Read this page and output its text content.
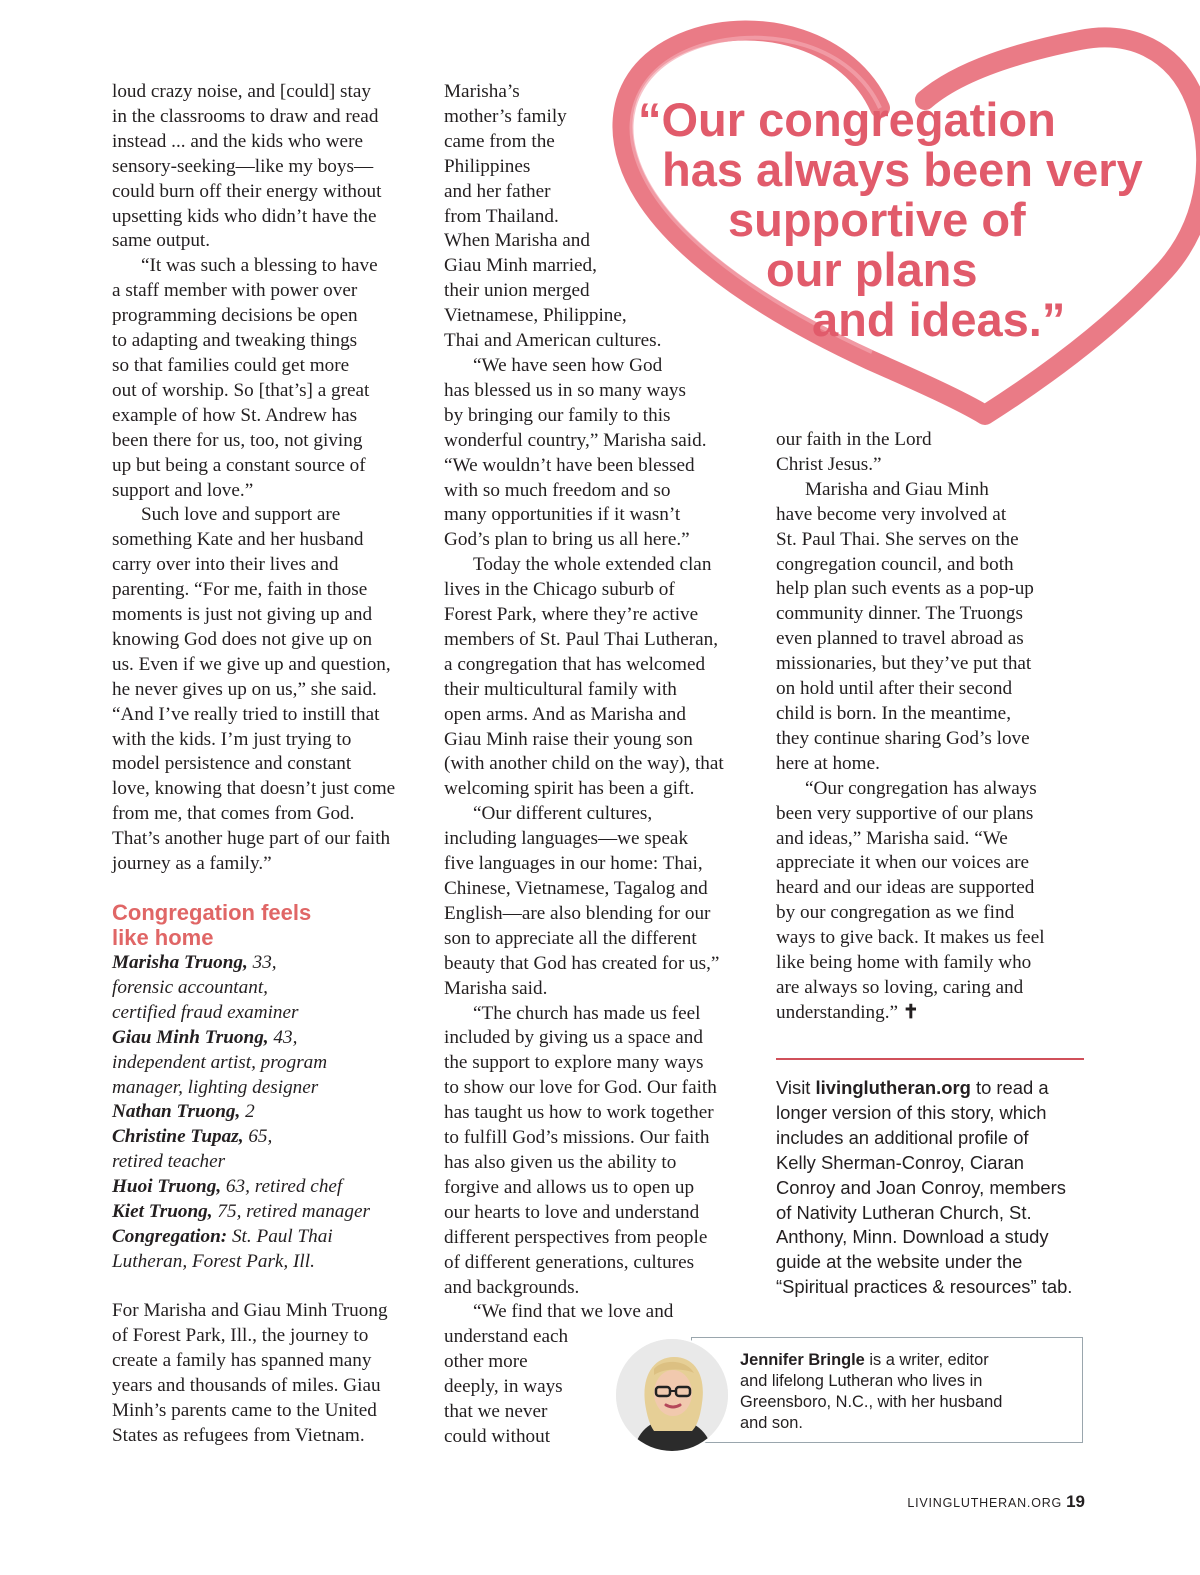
“Our congregation
has always been very
supportive of
our plans
and ideas.”

loud crazy noise, and [could] stay
in the classrooms to draw and read
instead ... and the kids who were
sensory-seeking—like my boys—
could burn off their energy without
upsetting kids who didn’t have the
same output.

“It was such a blessing to have
a staff member with power over
programming decisions be open
to adapting and tweaking things
so that families could get more
out of worship. So [that’s] a great
example of how St. Andrew has
been there for us, too, not giving
up but being a constant source of
support and love.”

Such love and support are
something Kate and her husband
carry over into their lives and
parenting. “For me, faith in those
moments is just not giving up and
knowing God does not give up on
us. Even if we give up and question,
he never gives up on us,” she said.
“And I’ve really tried to instill that
with the kids. I’m just trying to
model persistence and constant
love, knowing that doesn’t just come
from me, that comes from God.
That’s another huge part of our faith
journey as a family.”

Congregation feels
like home
Marisha Truong, 33,
forensic accountant,
certified fraud examiner
Giau Minh Truong, 43,
independent artist, program
manager, lighting designer
Nathan Truong, 2
Christine Tupaz, 65,
retired teacher
Huoi Truong, 63, retired chef
Kiet Truong, 75, retired manager
Congregation: St. Paul Thai
Lutheran, Forest Park, Ill.
For Marisha and Giau Minh Truong
of Forest Park, Ill., the journey to
create a family has spanned many
years and thousands of miles. Giau
Minh’s parents came to the United
States as refugees from Vietnam.

Marisha’s
mother’s family
came from the
Philippines
and her father
from Thailand.
When Marisha and
Giau Minh married,
their union merged
Vietnamese, Philippine,
Thai and American cultures.

“We have seen how God
has blessed us in so many ways
by bringing our family to this
wonderful country,” Marisha said.
“We wouldn’t have been blessed
with so much freedom and so
many opportunities if it wasn’t
God’s plan to bring us all here.”

Today the whole extended clan
lives in the Chicago suburb of
Forest Park, where they’re active
members of St. Paul Thai Lutheran,
a congregation that has welcomed
their multicultural family with
open arms. And as Marisha and
Giau Minh raise their young son
(with another child on the way), that
welcoming spirit has been a gift.

“Our different cultures,
including languages—we speak
five languages in our home: Thai,
Chinese, Vietnamese, Tagalog and
English—are also blending for our
son to appreciate all the different
beauty that God has created for us,”
Marisha said.

“The church has made us feel
included by giving us a space and
the support to explore many ways
to show our love for God. Our faith
has taught us how to work together
to fulfill God’s missions. Our faith
has also given us the ability to
forgive and allows us to open up
our hearts to love and understand
different perspectives from people
of different generations, cultures
and backgrounds.

“We find that we love and
understand each
other more
deeply, in ways
that we never
could without

our faith in the Lord
Christ Jesus.”

Marisha and Giau Minh
have become very involved at
St. Paul Thai. She serves on the
congregation council, and both
help plan such events as a pop-up
community dinner. The Truongs
even planned to travel abroad as
missionaries, but they’ve put that
on hold until after their second
child is born. In the meantime,
they continue sharing God’s love
here at home.

“Our congregation has always
been very supportive of our plans
and ideas,” Marisha said. “We
appreciate it when our voices are
heard and our ideas are supported
by our congregation as we find
ways to give back. It makes us feel
like being home with family who
are always so loving, caring and
understanding.” ✝

Visit livinglutheran.org to read a
longer version of this story, which
includes an additional profile of
Kelly Sherman-Conroy, Ciaran
Conroy and Joan Conroy, members
of Nativity Lutheran Church, St.
Anthony, Minn. Download a study
guide at the website under the
“Spiritual practices & resources” tab.
Jennifer Bringle is a writer, editor
and lifelong Lutheran who lives in
Greensboro, N.C., with her husband
and son.
LIVINGLUTHERAN.ORG 19
